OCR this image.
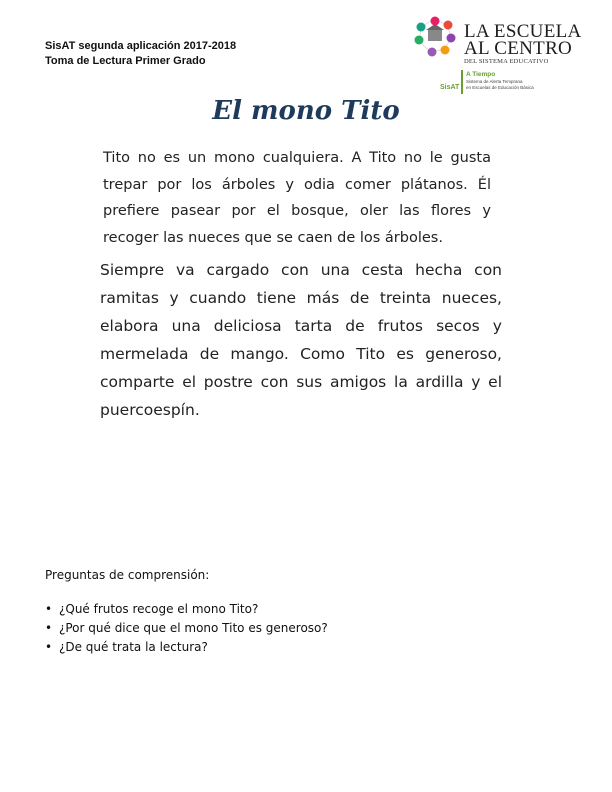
SisAT segunda aplicación 2017-2018
Toma de Lectura Primer Grado
LA ESCUELA
AL CENTRO
DEL SISTEMA EDUCATIVO
SisAT
A Tiempo
Sistema de Alerta Temprana
en Escuelas de Educación Básica
El mono Tito
Tito no es un mono cualquiera. A Tito no le gusta trepar por los árboles y odia comer plátanos. Él prefiere pasear por el bosque, oler las flores y recoger las nueces que se caen de los árboles.
Siempre va cargado con una cesta hecha con ramitas y cuando tiene más de treinta nueces, elabora una deliciosa tarta de frutos secos y mermelada de mango. Como Tito es generoso, comparte el postre con sus amigos la ardilla y el puercoespín.
Preguntas de comprensión:
• ¿Qué frutos recoge el mono Tito?
• ¿Por qué dice que el mono Tito es generoso?
• ¿De qué trata la lectura?
